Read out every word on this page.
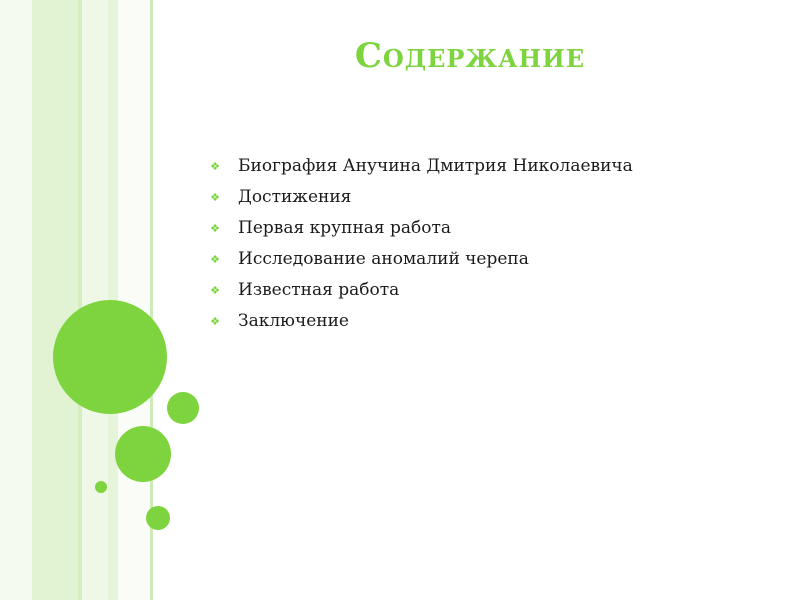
Содержание
❖ Биография Анучина Дмитрия Николаевича
❖ Достижения
❖ Первая крупная работа
❖ Исследование аномалий черепа
❖ Известная работа
❖ Заключение
